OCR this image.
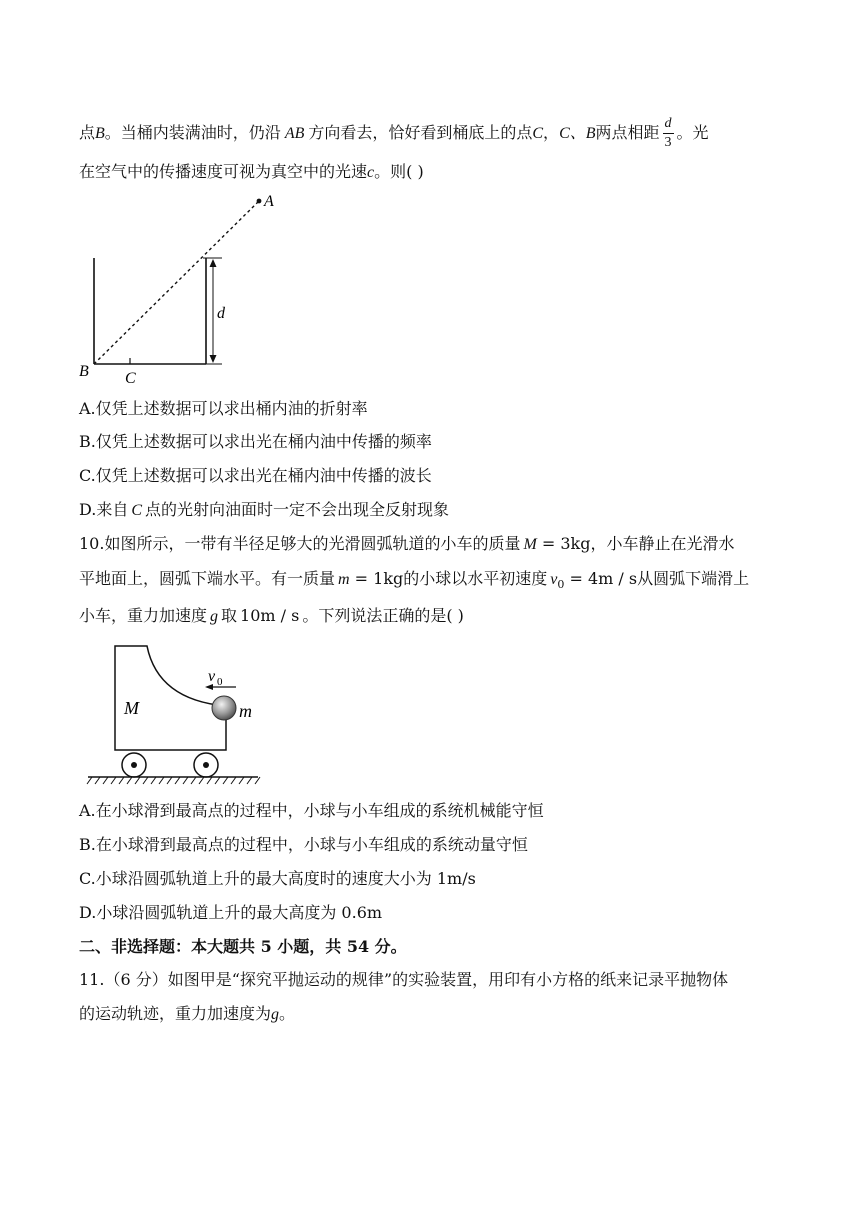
点B。当桶内装满油时，仍沿 AB 方向看去，恰好看到桶底上的点C，C、B两点相距 $\frac{d}{3}$ 。光
在空气中的传播速度可视为真空中的光速c。则( )
A
B C
d
A.仅凭上述数据可以求出桶内油的折射率
B.仅凭上述数据可以求出光在桶内油中传播的频率
C.仅凭上述数据可以求出光在桶内油中传播的波长
D.来自 C 点的光射向油面时一定不会出现全反射现象
10.如图所示，一带有半径足够大的光滑圆弧轨道的小车的质量 M = 3kg，小车静止在光滑水
平地面上，圆弧下端水平。有一质量 m = 1kg的小球以水平初速度 $v_0 = 4m / s$从圆弧下端滑上
小车，重力加速度 g 取 10m / s 。下列说法正确的是( )
M	m
v 0
A.在小球滑到最高点的过程中，小球与小车组成的系统机械能守恒
B.在小球滑到最高点的过程中，小球与小车组成的系统动量守恒
C.小球沿圆弧轨道上升的最大高度时的速度大小为 1m/s
D.小球沿圆弧轨道上升的最大高度为 0.6m
二、非选择题：本大题共 5 小题，共 54 分。
11.（6 分）如图甲是“探究平抛运动的规律”的实验装置，用印有小方格的纸来记录平抛物体
的运动轨迹，重力加速度为g。
